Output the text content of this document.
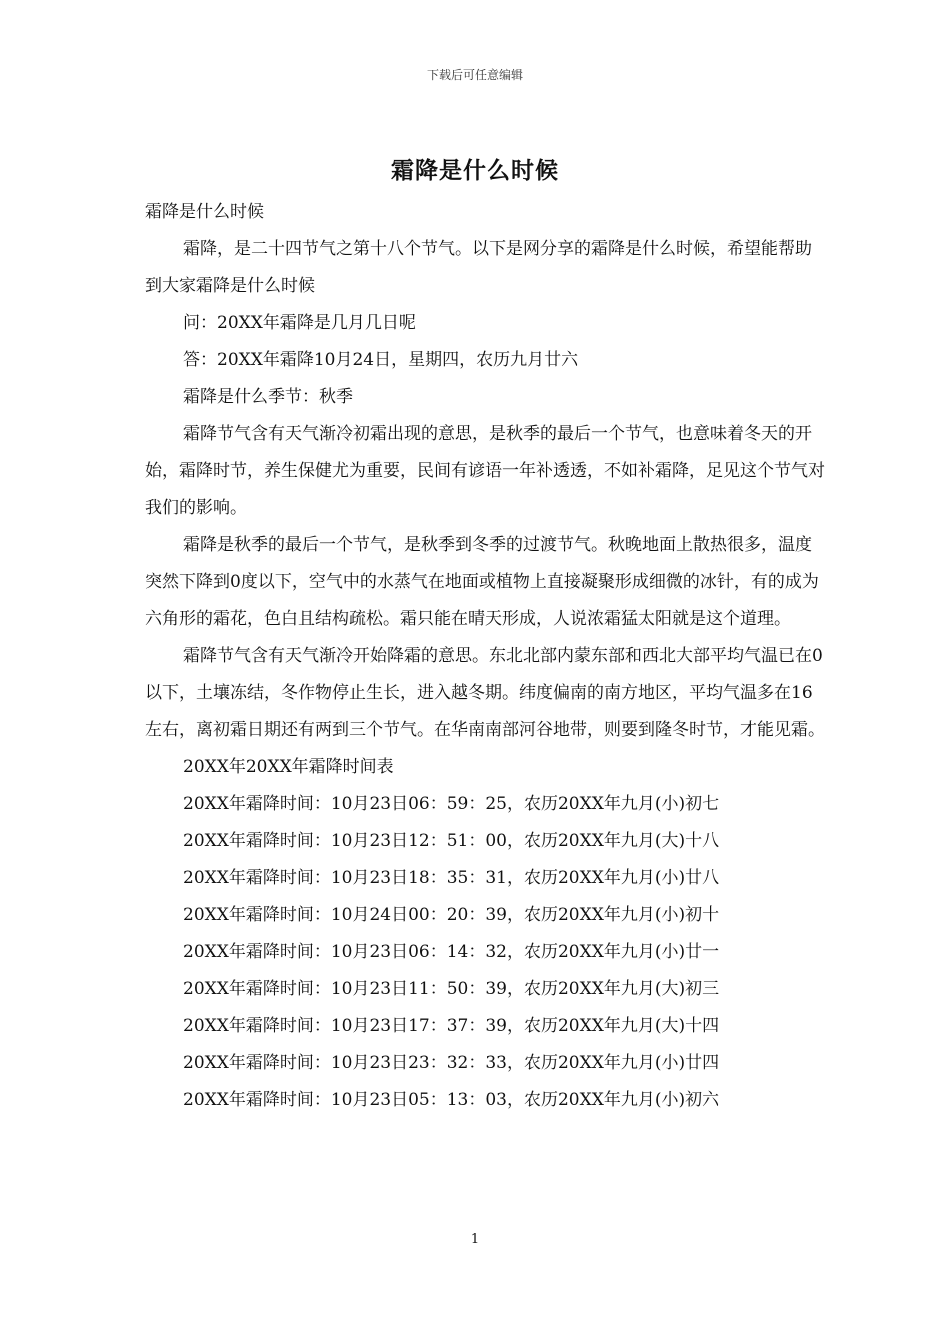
下载后可任意编辑
霜降是什么时候

霜降是什么时候

霜降，是二十四节气之第十八个节气。以下是网分享的霜降是什么时候，希望能帮助到大家霜降是什么时候

问：20XX年霜降是几月几日呢

答：20XX年霜降10月24日，星期四，农历九月廿六

霜降是什么季节：秋季

霜降节气含有天气渐冷初霜出现的意思，是秋季的最后一个节气，也意味着冬天的开始，霜降时节，养生保健尤为重要，民间有谚语一年补透透，不如补霜降，足见这个节气对我们的影响。

霜降是秋季的最后一个节气，是秋季到冬季的过渡节气。秋晚地面上散热很多，温度突然下降到0度以下，空气中的水蒸气在地面或植物上直接凝聚形成细微的冰针，有的成为六角形的霜花，色白且结构疏松。霜只能在晴天形成，人说浓霜猛太阳就是这个道理。

霜降节气含有天气渐冷开始降霜的意思。东北北部内蒙东部和西北大部平均气温已在0以下，土壤冻结，冬作物停止生长，进入越冬期。纬度偏南的南方地区，平均气温多在16左右，离初霜日期还有两到三个节气。在华南南部河谷地带，则要到隆冬时节，才能见霜。

20XX年20XX年霜降时间表

20XX年霜降时间：10月23日06：59：25，农历20XX年九月(小)初七

20XX年霜降时间：10月23日12：51：00，农历20XX年九月(大)十八

20XX年霜降时间：10月23日18：35：31，农历20XX年九月(小)廿八

20XX年霜降时间：10月24日00：20：39，农历20XX年九月(小)初十

20XX年霜降时间：10月23日06：14：32，农历20XX年九月(小)廿一

20XX年霜降时间：10月23日11：50：39，农历20XX年九月(大)初三

20XX年霜降时间：10月23日17：37：39，农历20XX年九月(大)十四

20XX年霜降时间：10月23日23：32：33，农历20XX年九月(小)廿四

20XX年霜降时间：10月23日05：13：03，农历20XX年九月(小)初六

1
